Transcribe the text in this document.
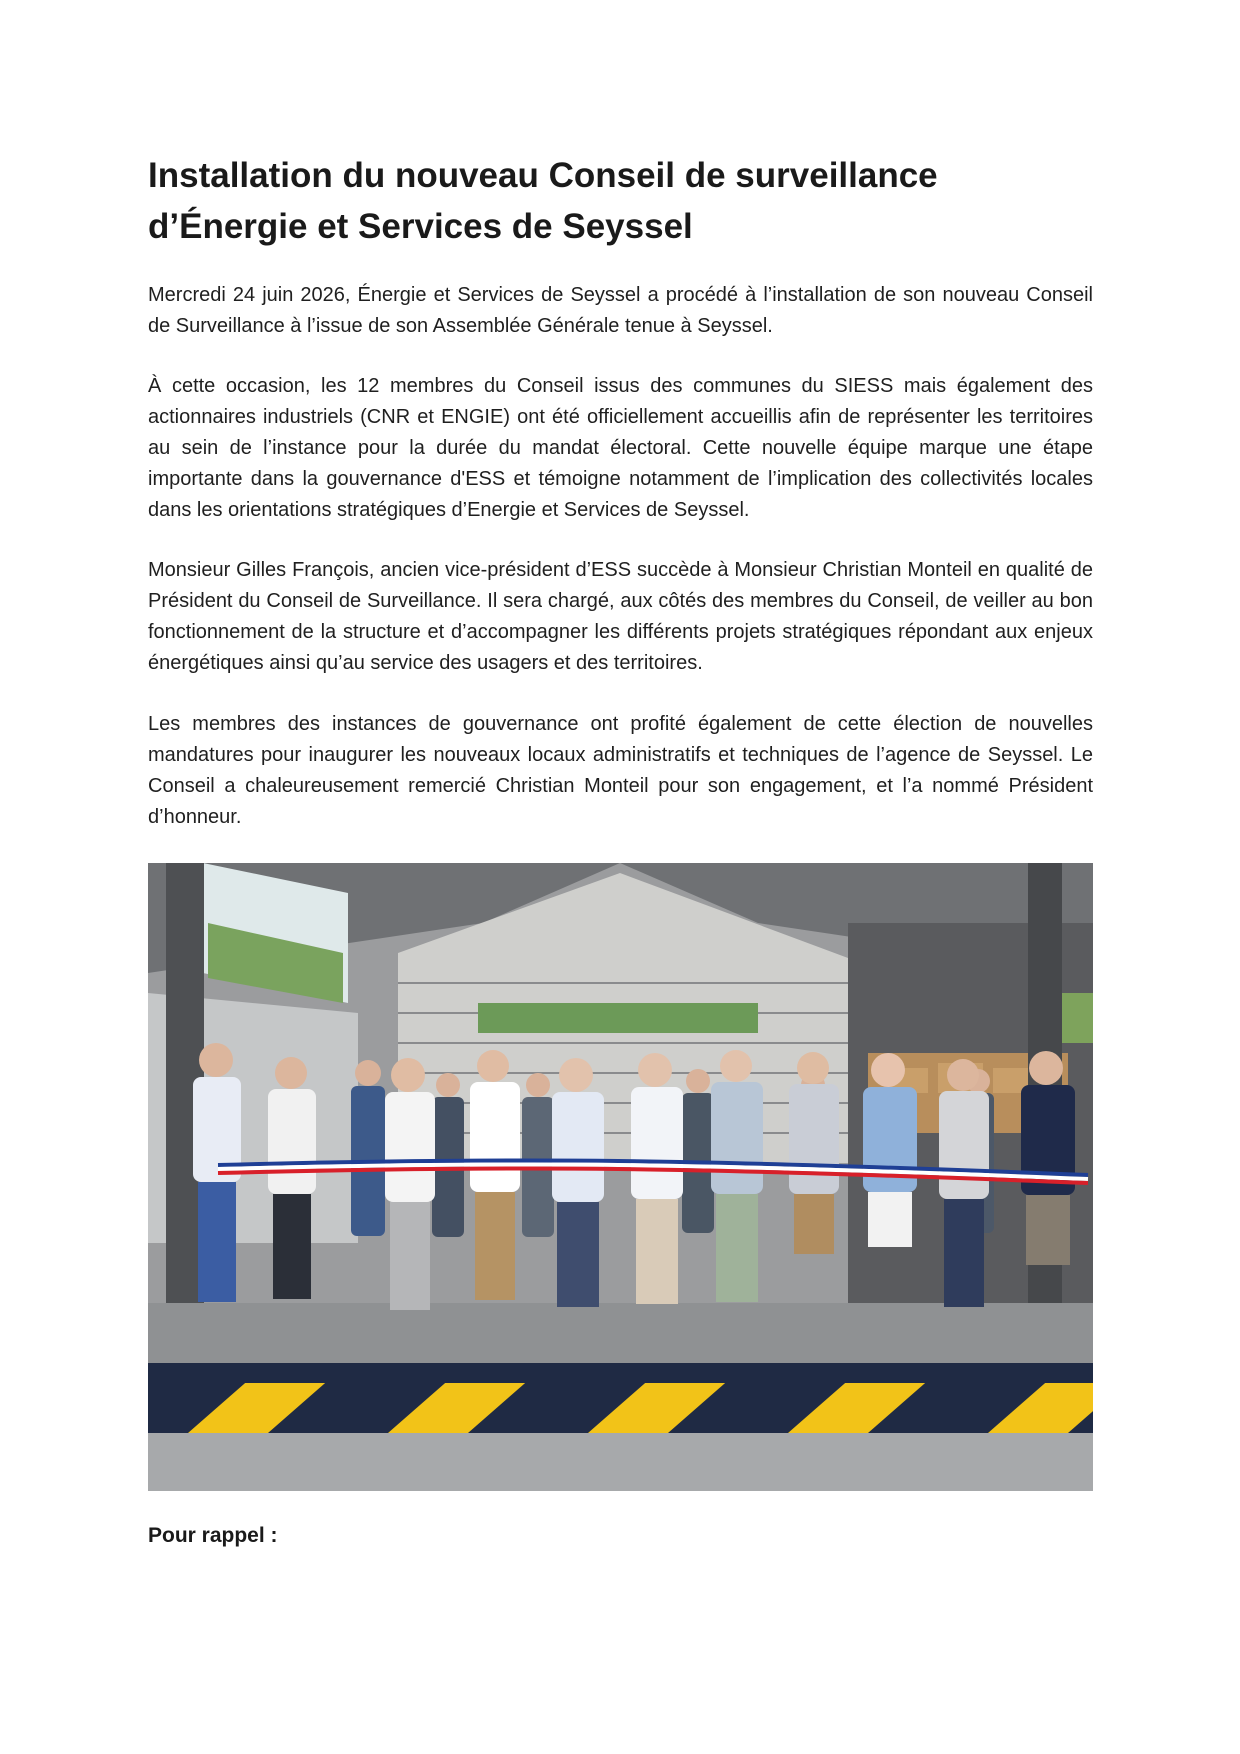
Installation du nouveau Conseil de surveillance
d’Énergie et Services de Seyssel

Mercredi 24 juin 2026, Énergie et Services de Seyssel a procédé à l’installation de son nouveau Conseil de Surveillance à l’issue de son Assemblée Générale tenue à Seyssel.

À cette occasion, les 12 membres du Conseil issus des communes du SIESS mais également des actionnaires industriels (CNR et ENGIE) ont été officiellement accueillis afin de représenter les territoires au sein de l’instance pour la durée du mandat électoral. Cette nouvelle équipe marque une étape importante dans la gouvernance d'ESS et témoigne notamment de l’implication des collectivités locales dans les orientations stratégiques d’Energie et Services de Seyssel.

Monsieur Gilles François, ancien vice-président d’ESS succède à Monsieur Christian Monteil en qualité de Président du Conseil de Surveillance. Il sera chargé, aux côtés des membres du Conseil, de veiller au bon fonctionnement de la structure et d’accompagner les différents projets stratégiques répondant aux enjeux énergétiques ainsi qu’au service des usagers et des territoires.

Les membres des instances de gouvernance ont profité également de cette élection de nouvelles mandatures pour inaugurer les nouveaux locaux administratifs et techniques de l’agence de Seyssel. Le Conseil a chaleureusement remercié Christian Monteil pour son engagement, et l’a nommé Président d’honneur.

Pour rappel :
